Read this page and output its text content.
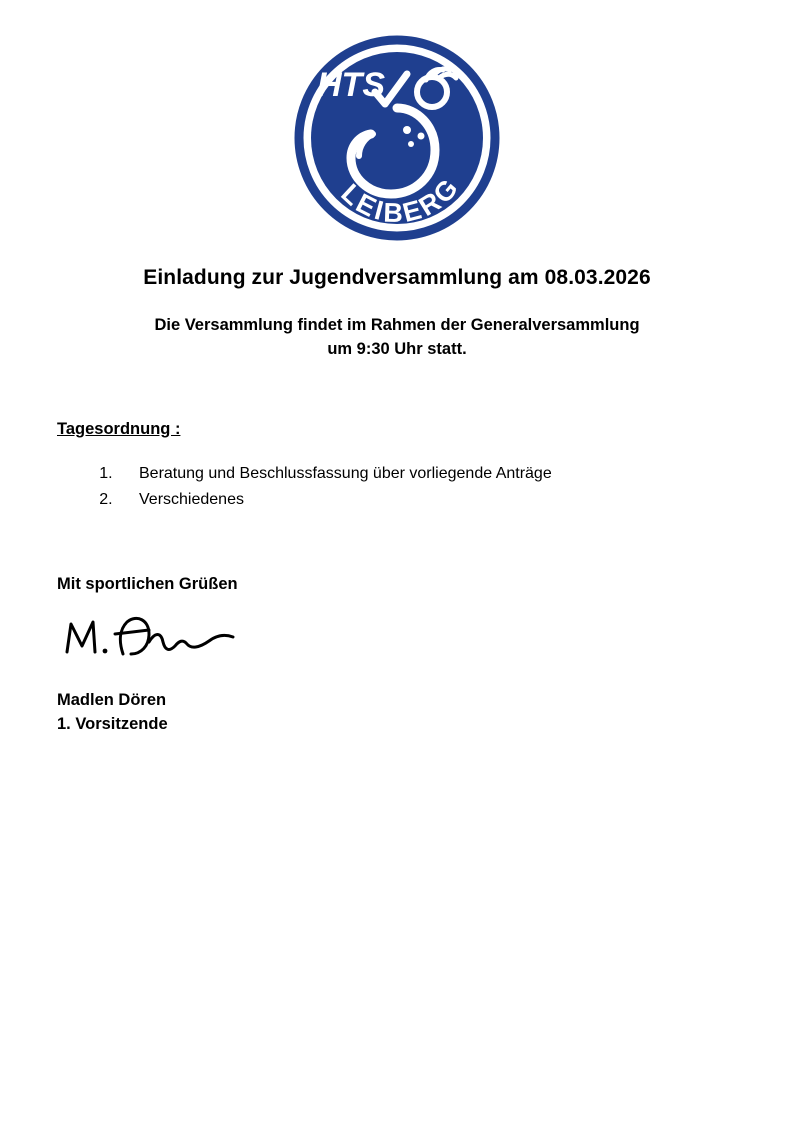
HTS
LEIBERG
Einladung zur Jugendversammlung am 08.03.2026
Die Versammlung findet im Rahmen der Generalversammlung
um 9:30 Uhr statt.
Tagesordnung :
1. Beratung und Beschlussfassung über vorliegende Anträge
2. Verschiedenes
Mit sportlichen Grüßen
Madlen Dören
1. Vorsitzende
